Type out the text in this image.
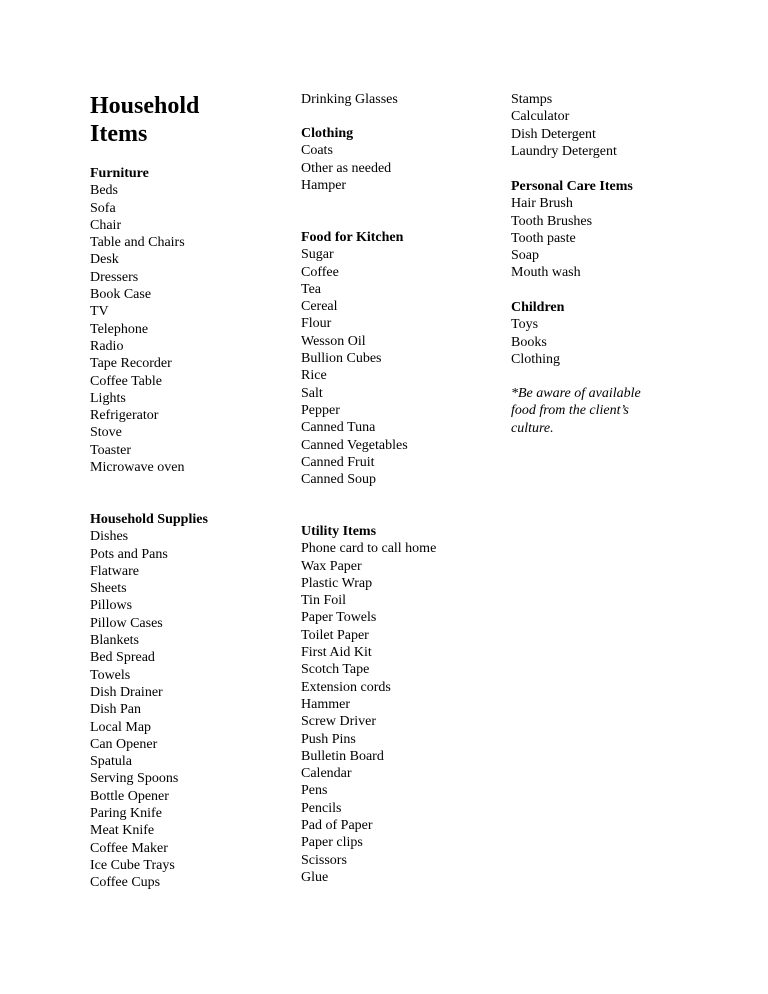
Household
Items
Furniture
Beds
Sofa
Chair
Table and Chairs
Desk
Dressers
Book Case
TV
Telephone
Radio
Tape Recorder
Coffee Table
Lights
Refrigerator
Stove
Toaster
Microwave oven
Household Supplies
Dishes
Pots and Pans
Flatware
Sheets
Pillows
Pillow Cases
Blankets
Bed Spread
Towels
Dish Drainer
Dish Pan
Local Map
Can Opener
Spatula
Serving Spoons
Bottle Opener
Paring Knife
Meat Knife
Coffee Maker
Ice Cube Trays
Coffee Cups
Drinking Glasses
Clothing
Coats
Other as needed
Hamper
Food for Kitchen
Sugar
Coffee
Tea
Cereal
Flour
Wesson Oil
Bullion Cubes
Rice
Salt
Pepper
Canned Tuna
Canned Vegetables
Canned Fruit
Canned Soup
Utility Items
Phone card to call home
Wax Paper
Plastic Wrap
Tin Foil
Paper Towels
Toilet Paper
First Aid Kit
Scotch Tape
Extension cords
Hammer
Screw Driver
Push Pins
Bulletin Board
Calendar
Pens
Pencils
Pad of Paper
Paper clips
Scissors
Glue
Stamps
Calculator
Dish Detergent
Laundry Detergent
Personal Care Items
Hair Brush
Tooth Brushes
Tooth paste
Soap
Mouth wash
Children
Toys
Books
Clothing
*Be aware of available
food from the client’s
culture.
